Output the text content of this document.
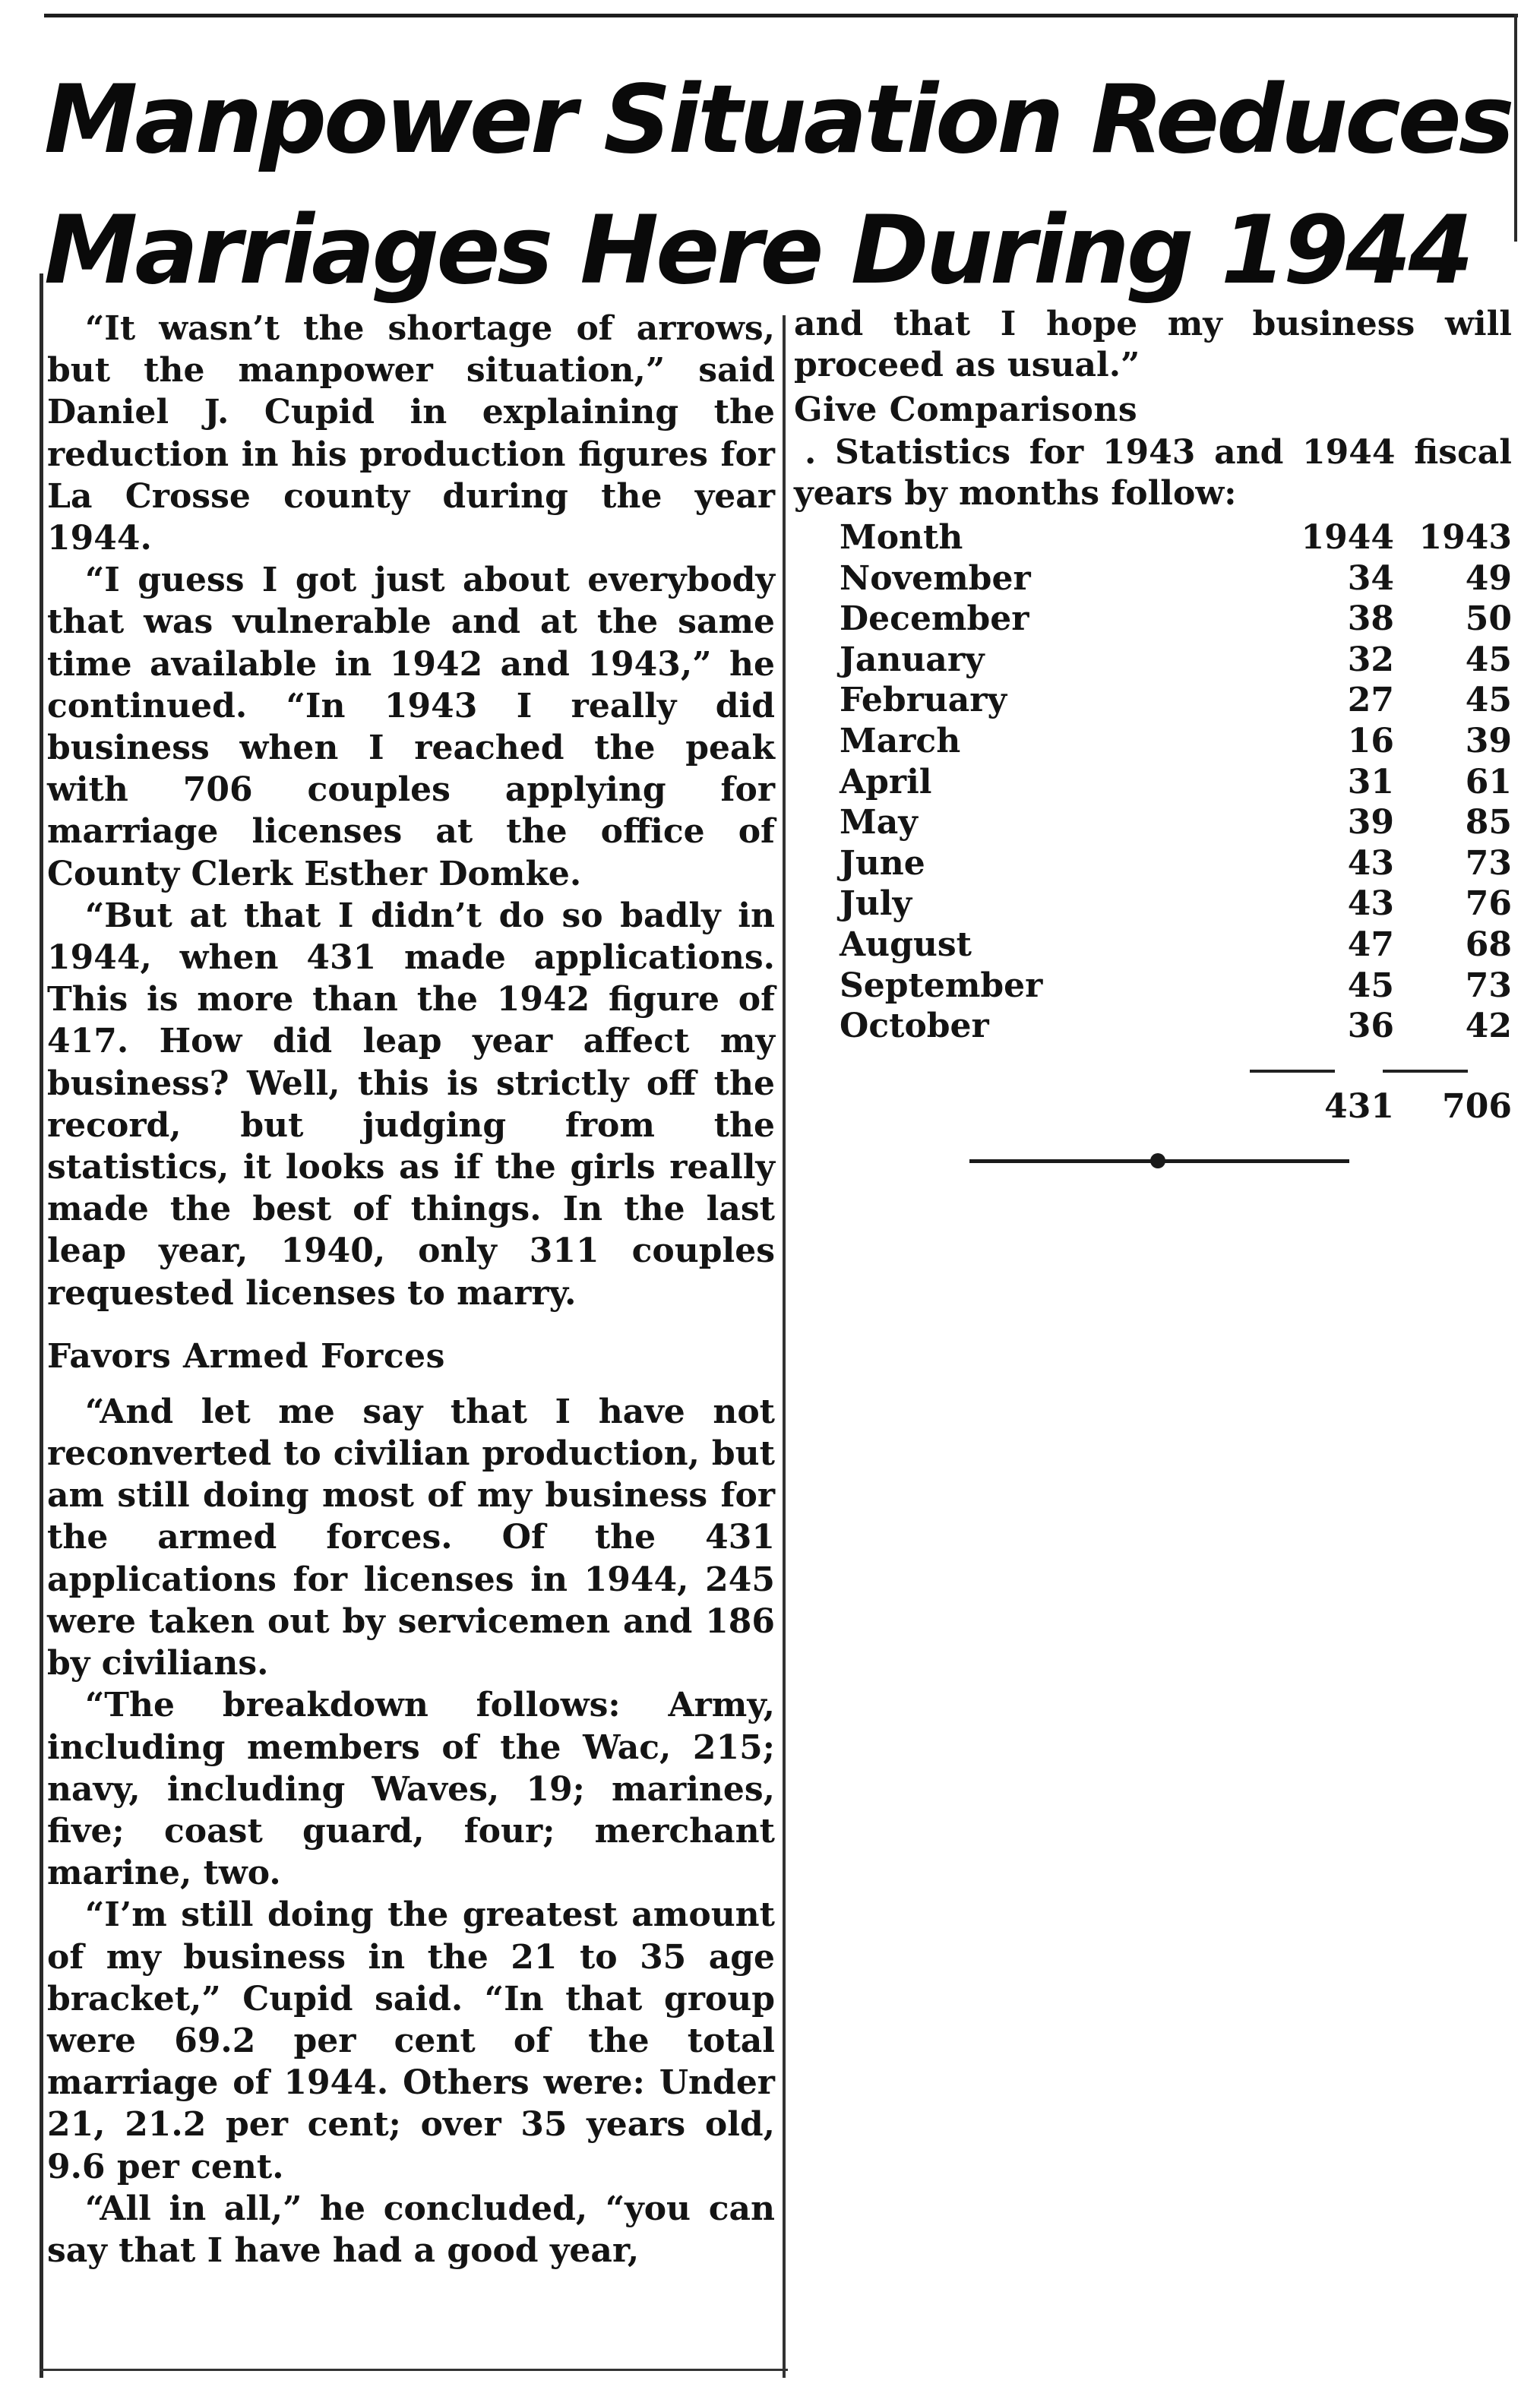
Manpower Situation Reduces
Marriages Here During 1944

“It wasn’t the shortage of arrows, but the manpower situation,” said Daniel J. Cupid in explaining the reduction in his production figures for La Crosse county during the year 1944.

“I guess I got just about everybody that was vulnerable and at the same time available in 1942 and 1943,” he continued. “In 1943 I really did business when I reached the peak with 706 couples applying for marriage licenses at the office of County Clerk Esther Domke.

“But at that I didn’t do so badly in 1944, when 431 made applications. This is more than the 1942 figure of 417. How did leap year affect my business? Well, this is strictly off the record, but judging from the statistics, it looks as if the girls really made the best of things. In the last leap year, 1940, only 311 couples requested licenses to marry.

Favors Armed Forces

“And let me say that I have not reconverted to civilian production, but am still doing most of my business for the armed forces. Of the 431 applications for licenses in 1944, 245 were taken out by servicemen and 186 by civilians.

“The breakdown follows: Army, including members of the Wac, 215; navy, including Waves, 19; marines, five; coast guard, four; merchant marine, two.

“I’m still doing the greatest amount of my business in the 21 to 35 age bracket,” Cupid said. “In that group were 69.2 per cent of the total marriage of 1944. Others were: Under 21, 21.2 per cent; over 35 years old, 9.6 per cent.

“All in all,” he concluded, “you can say that I have had a good year,

and that I hope my business will proceed as usual.”

Give Comparisons

. Statistics for 1943 and 1944 fiscal years by months follow:

Month	1944	1943
November	34	49
December	38	50
January	32	45
February	27	45
March	16	39
April	31	61
May	39	85
June	43	73
July	43	76
August	47	68
September	45	73
October	36	42
	431	706
